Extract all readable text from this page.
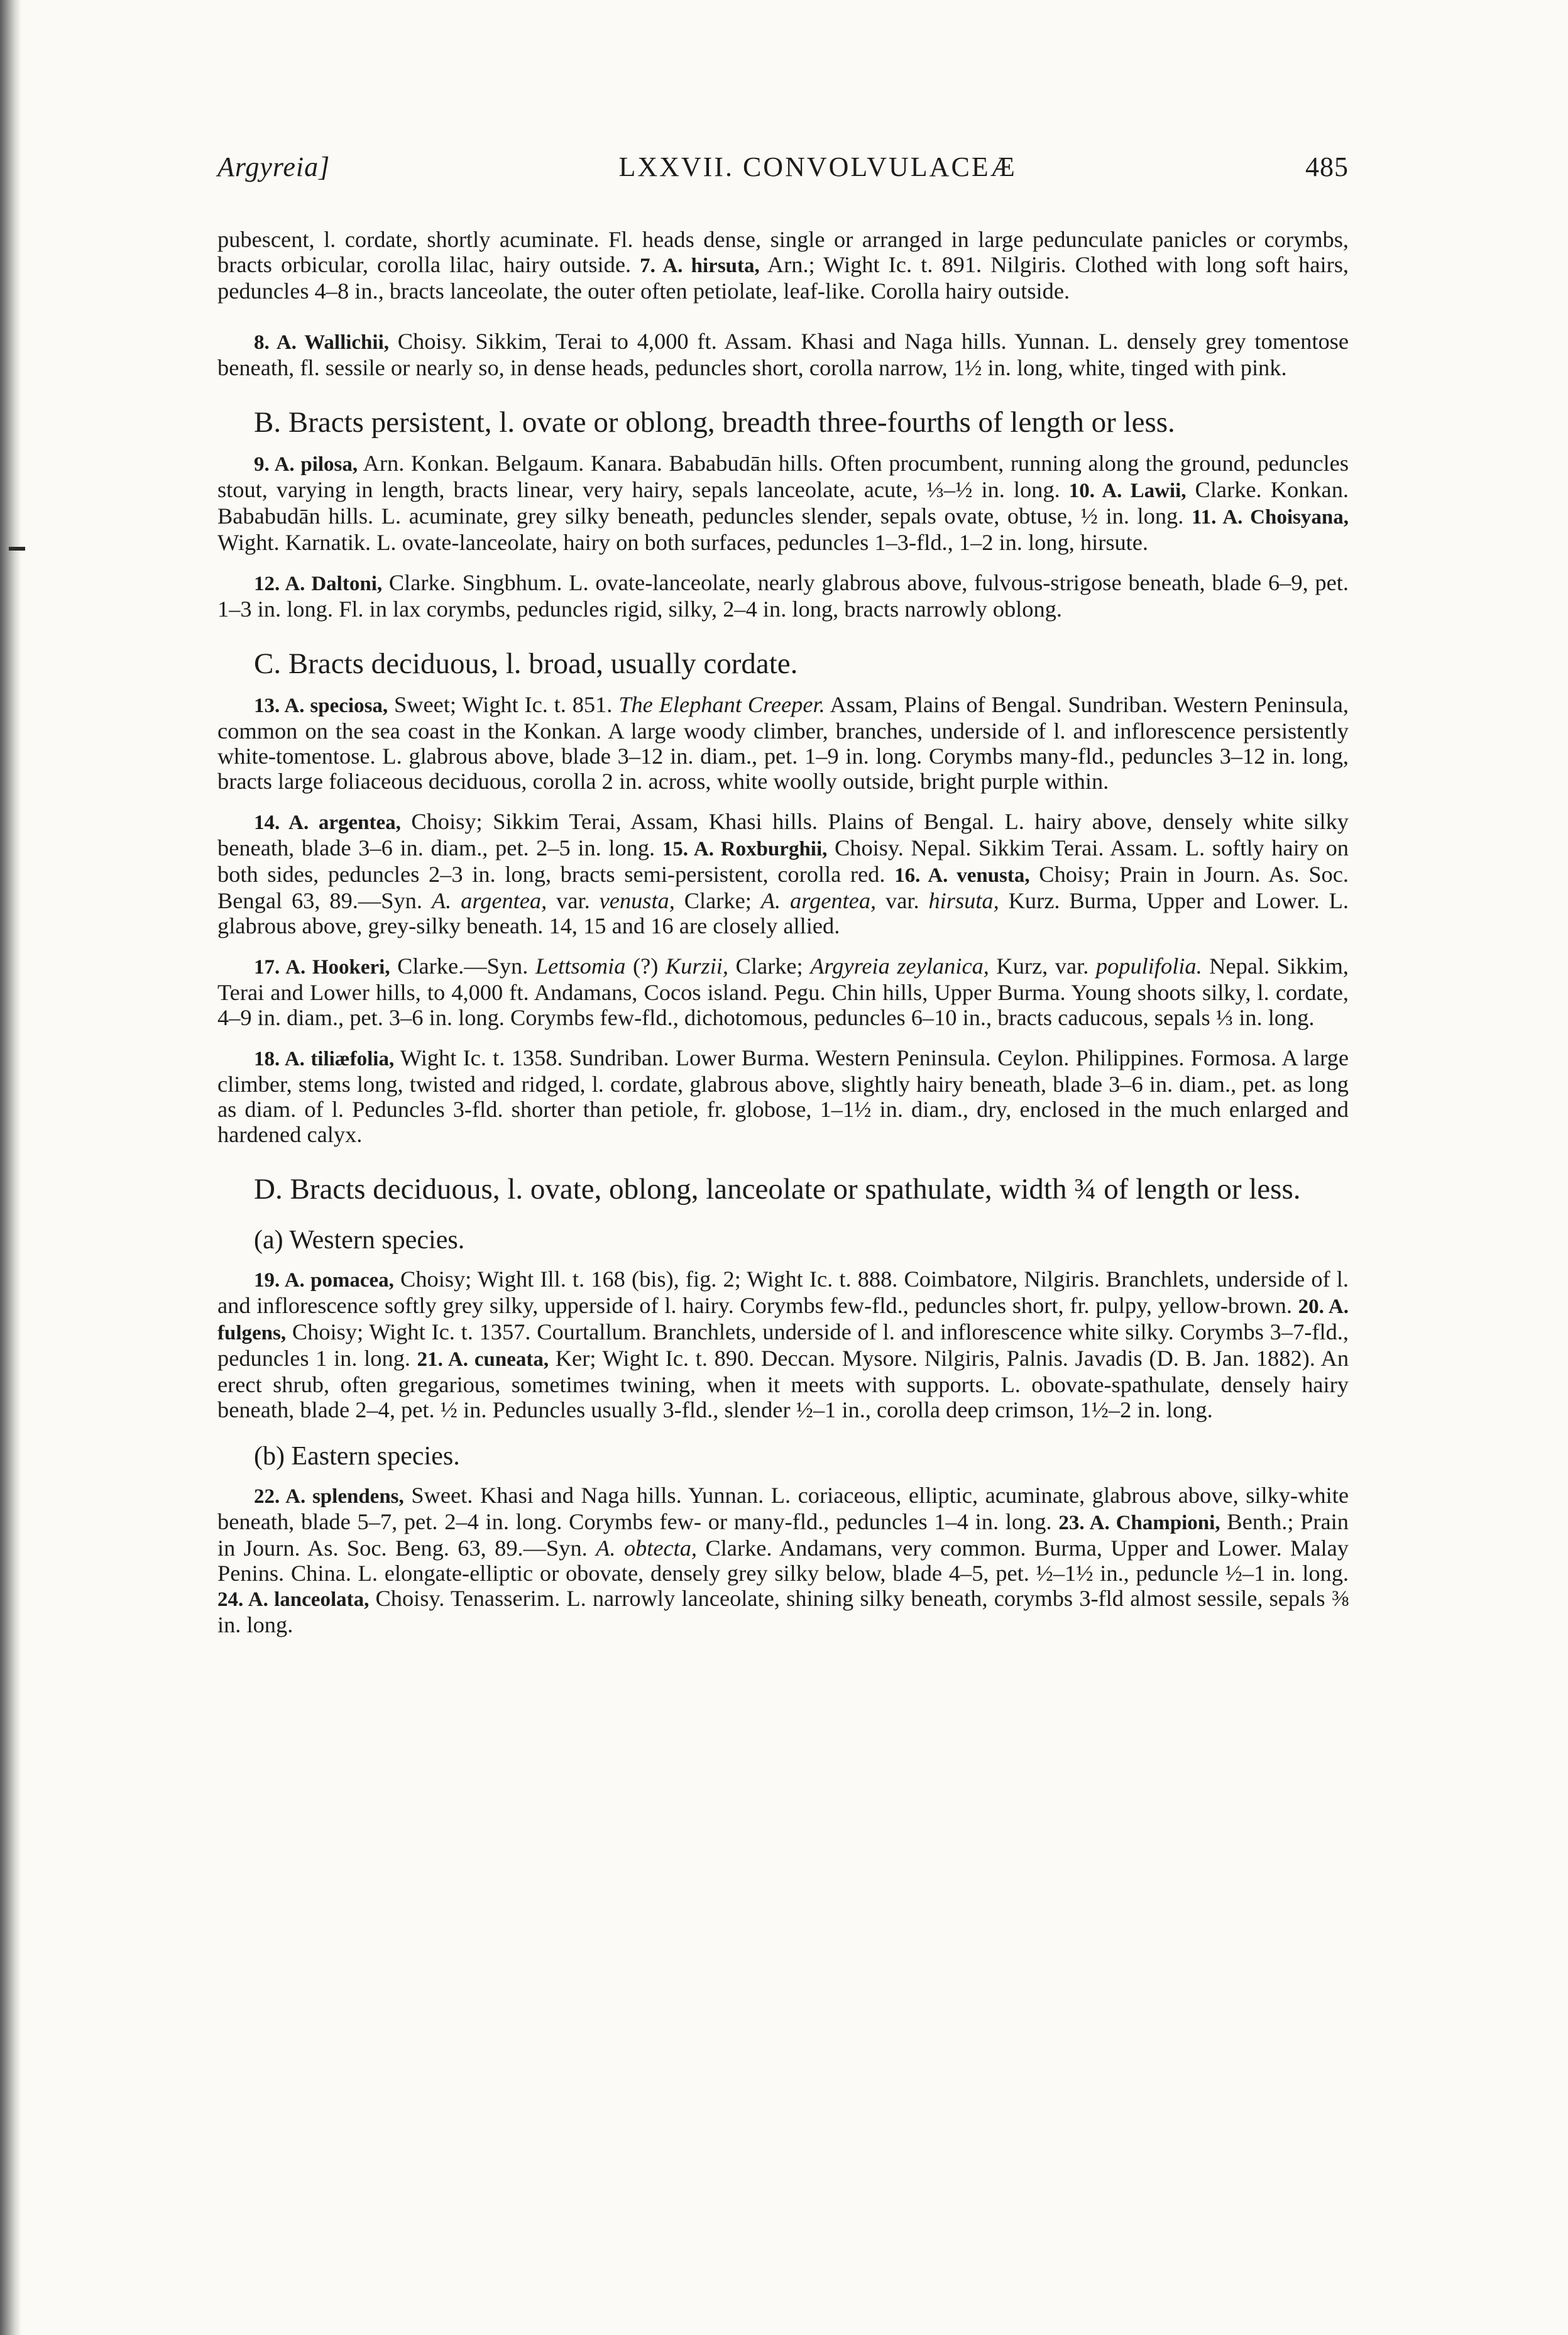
Argyreia]	LXXVII. CONVOLVULACEÆ	485

pubescent, l. cordate, shortly acuminate. Fl. heads dense, single or arranged in large pedunculate panicles or corymbs, bracts orbicular, corolla lilac, hairy outside. 7. A. hirsuta, Arn.; Wight Ic. t. 891. Nilgiris. Clothed with long soft hairs, peduncles 4–8 in., bracts lanceolate, the outer often petiolate, leaf-like. Corolla hairy outside.

8. A. Wallichii, Choisy. Sikkim, Terai to 4,000 ft. Assam. Khasi and Naga hills. Yunnan. L. densely grey tomentose beneath, fl. sessile or nearly so, in dense heads, peduncles short, corolla narrow, 1½ in. long, white, tinged with pink.

B. Bracts persistent, l. ovate or oblong, breadth three-fourths of length or less.

9. A. pilosa, Arn. Konkan. Belgaum. Kanara. Bababudān hills. Often procumbent, running along the ground, peduncles stout, varying in length, bracts linear, very hairy, sepals lanceolate, acute, ⅓–½ in. long. 10. A. Lawii, Clarke. Konkan. Bababudān hills. L. acuminate, grey silky beneath, peduncles slender, sepals ovate, obtuse, ½ in. long. 11. A. Choisyana, Wight. Karnatik. L. ovate-lanceolate, hairy on both surfaces, peduncles 1–3-fld., 1–2 in. long, hirsute.

12. A. Daltoni, Clarke. Singbhum. L. ovate-lanceolate, nearly glabrous above, fulvous-strigose beneath, blade 6–9, pet. 1–3 in. long. Fl. in lax corymbs, peduncles rigid, silky, 2–4 in. long, bracts narrowly oblong.

C. Bracts deciduous, l. broad, usually cordate.

13. A. speciosa, Sweet; Wight Ic. t. 851. The Elephant Creeper. Assam, Plains of Bengal. Sundriban. Western Peninsula, common on the sea coast in the Konkan. A large woody climber, branches, underside of l. and inflorescence persistently white-tomentose. L. glabrous above, blade 3–12 in. diam., pet. 1–9 in. long. Corymbs many-fld., peduncles 3–12 in. long, bracts large foliaceous deciduous, corolla 2 in. across, white woolly outside, bright purple within.

14. A. argentea, Choisy; Sikkim Terai, Assam, Khasi hills. Plains of Bengal. L. hairy above, densely white silky beneath, blade 3–6 in. diam., pet. 2–5 in. long. 15. A. Roxburghii, Choisy. Nepal. Sikkim Terai. Assam. L. softly hairy on both sides, peduncles 2–3 in. long, bracts semi-persistent, corolla red. 16. A. venusta, Choisy; Prain in Journ. As. Soc. Bengal 63, 89.—Syn. A. argentea, var. venusta, Clarke; A. argentea, var. hirsuta, Kurz. Burma, Upper and Lower. L. glabrous above, grey-silky beneath. 14, 15 and 16 are closely allied.

17. A. Hookeri, Clarke.—Syn. Lettsomia (?) Kurzii, Clarke; Argyreia zeylanica, Kurz, var. populifolia. Nepal. Sikkim, Terai and Lower hills, to 4,000 ft. Andamans, Cocos island. Pegu. Chin hills, Upper Burma. Young shoots silky, l. cordate, 4–9 in. diam., pet. 3–6 in. long. Corymbs few-fld., dichotomous, peduncles 6–10 in., bracts caducous, sepals ⅓ in. long.

18. A. tiliæfolia, Wight Ic. t. 1358. Sundriban. Lower Burma. Western Peninsula. Ceylon. Philippines. Formosa. A large climber, stems long, twisted and ridged, l. cordate, glabrous above, slightly hairy beneath, blade 3–6 in. diam., pet. as long as diam. of l. Peduncles 3-fld. shorter than petiole, fr. globose, 1–1½ in. diam., dry, enclosed in the much enlarged and hardened calyx.

D. Bracts deciduous, l. ovate, oblong, lanceolate or spathulate, width ¾ of length or less.
(a) Western species.

19. A. pomacea, Choisy; Wight Ill. t. 168 (bis), fig. 2; Wight Ic. t. 888. Coimbatore, Nilgiris. Branchlets, underside of l. and inflorescence softly grey silky, upperside of l. hairy. Corymbs few-fld., peduncles short, fr. pulpy, yellow-brown. 20. A. fulgens, Choisy; Wight Ic. t. 1357. Courtallum. Branchlets, underside of l. and inflorescence white silky. Corymbs 3–7-fld., peduncles 1 in. long. 21. A. cuneata, Ker; Wight Ic. t. 890. Deccan. Mysore. Nilgiris, Palnis. Javadis (D. B. Jan. 1882). An erect shrub, often gregarious, sometimes twining, when it meets with supports. L. obovate-spathulate, densely hairy beneath, blade 2–4, pet. ½ in. Peduncles usually 3-fld., slender ½–1 in., corolla deep crimson, 1½–2 in. long.

(b) Eastern species.

22. A. splendens, Sweet. Khasi and Naga hills. Yunnan. L. coriaceous, elliptic, acuminate, glabrous above, silky-white beneath, blade 5–7, pet. 2–4 in. long. Corymbs few- or many-fld., peduncles 1–4 in. long. 23. A. Championi, Benth.; Prain in Journ. As. Soc. Beng. 63, 89.—Syn. A. obtecta, Clarke. Andamans, very common. Burma, Upper and Lower. Malay Penins. China. L. elongate-elliptic or obovate, densely grey silky below, blade 4–5, pet. ½–1½ in., peduncle ½–1 in. long. 24. A. lanceolata, Choisy. Tenasserim. L. narrowly lanceolate, shining silky beneath, corymbs 3-fld almost sessile, sepals ⅜ in. long.
